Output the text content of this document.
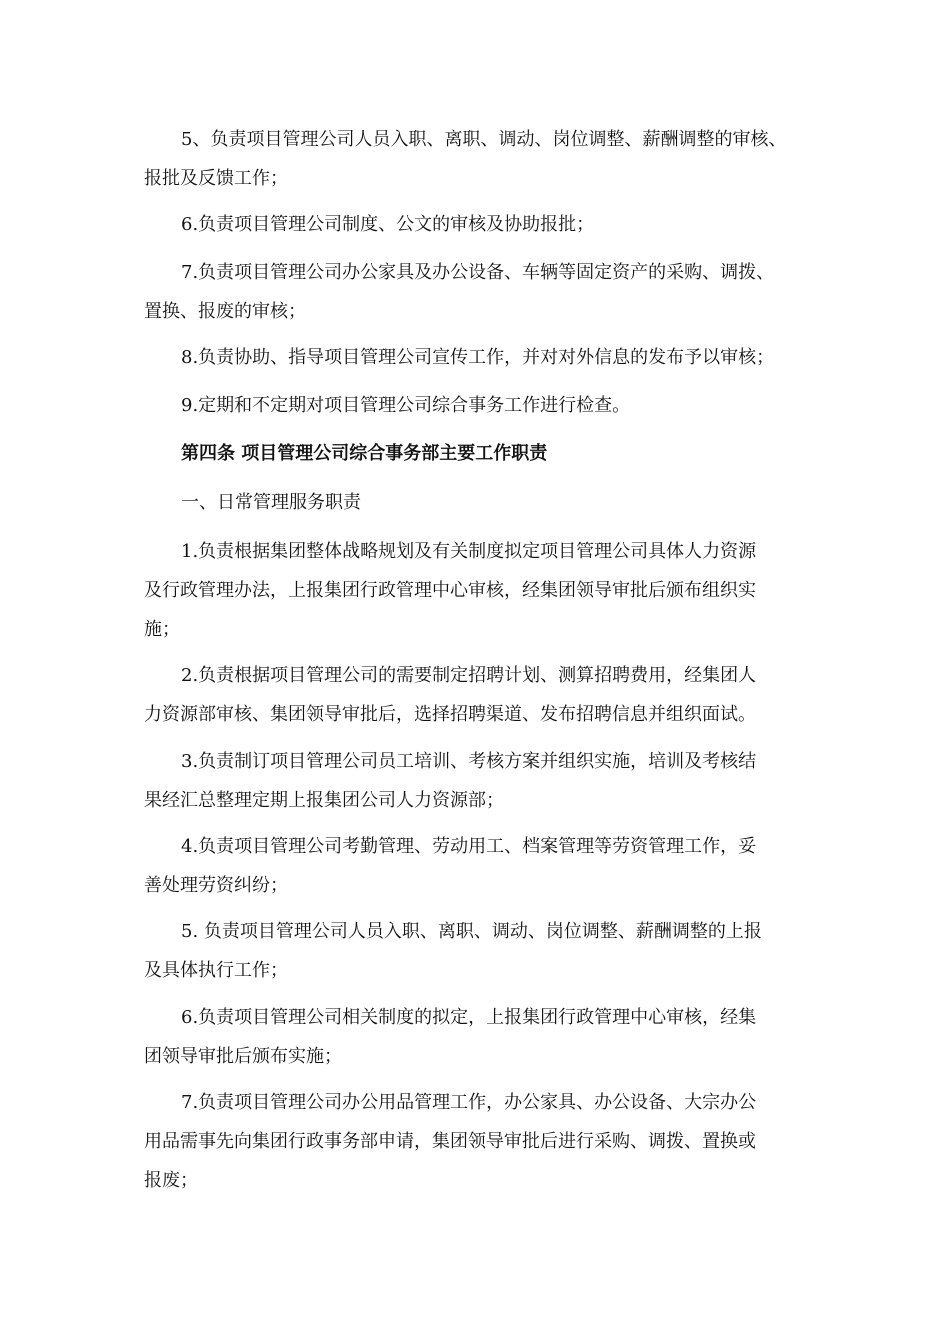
5、负责项目管理公司人员入职、离职、调动、岗位调整、薪酬调整的审核、
报批及反馈工作；
6.负责项目管理公司制度、公文的审核及协助报批；
7.负责项目管理公司办公家具及办公设备、车辆等固定资产的采购、调拨、
置换、报废的审核；
8.负责协助、指导项目管理公司宣传工作，并对对外信息的发布予以审核；
9.定期和不定期对项目管理公司综合事务工作进行检查。
第四条 项目管理公司综合事务部主要工作职责
一、日常管理服务职责
1.负责根据集团整体战略规划及有关制度拟定项目管理公司具体人力资源
及行政管理办法，上报集团行政管理中心审核，经集团领导审批后颁布组织实
施；
2.负责根据项目管理公司的需要制定招聘计划、测算招聘费用，经集团人
力资源部审核、集团领导审批后，选择招聘渠道、发布招聘信息并组织面试。
3.负责制订项目管理公司员工培训、考核方案并组织实施，培训及考核结
果经汇总整理定期上报集团公司人力资源部；
4.负责项目管理公司考勤管理、劳动用工、档案管理等劳资管理工作，妥
善处理劳资纠纷；
5. 负责项目管理公司人员入职、离职、调动、岗位调整、薪酬调整的上报
及具体执行工作；
6.负责项目管理公司相关制度的拟定，上报集团行政管理中心审核，经集
团领导审批后颁布实施；
7.负责项目管理公司办公用品管理工作，办公家具、办公设备、大宗办公
用品需事先向集团行政事务部申请，集团领导审批后进行采购、调拨、置换或
报废；
